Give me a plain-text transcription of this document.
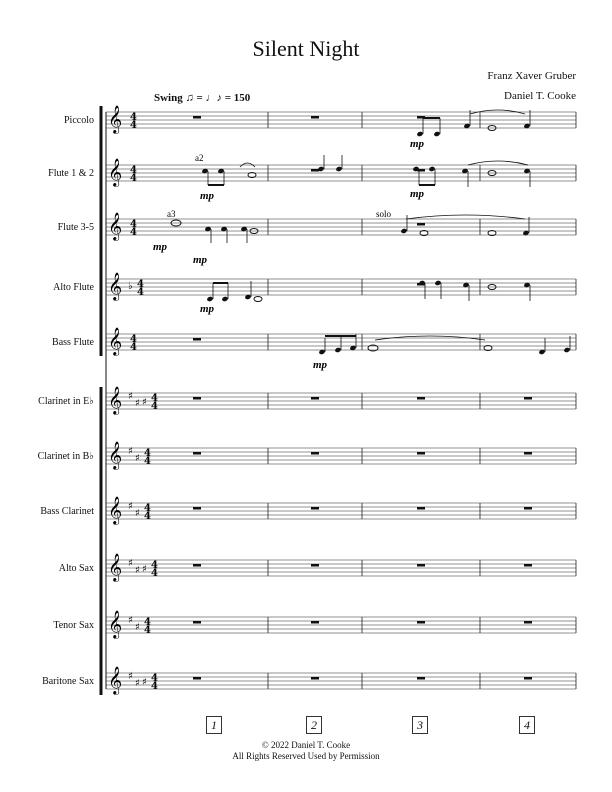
Silent Night
Franz Xaver Gruber
Daniel T. Cooke
Swing ♫ = ♩♪ = 150
Piccolo
Flute 1 & 2
Flute 3-5
Alto Flute
Bass Flute
Clarinet in E♭
Clarinet in B♭
Bass Clarinet
Alto Sax
Tenor Sax
Baritone Sax
𝄞 4
4
𝄞 4
4
𝄞 4
4
𝄞 ♭ 4
4
𝄞 4
4
𝄞 ♯
♯ ♯ 4
4
𝄞 ♯
♯ 4
4
𝄞 ♯
♯ 4
4
𝄞 ♯
♯ ♯ 4
4
𝄞 ♯
♯ 4
4
𝄞 ♯
♯ ♯ 4
4
a2
a3	solo
mp
mp
mp
mp
mp
mp
mp
1	2	3	4
© 2022 Daniel T. Cooke
All Rights Reserved Used by Permission
